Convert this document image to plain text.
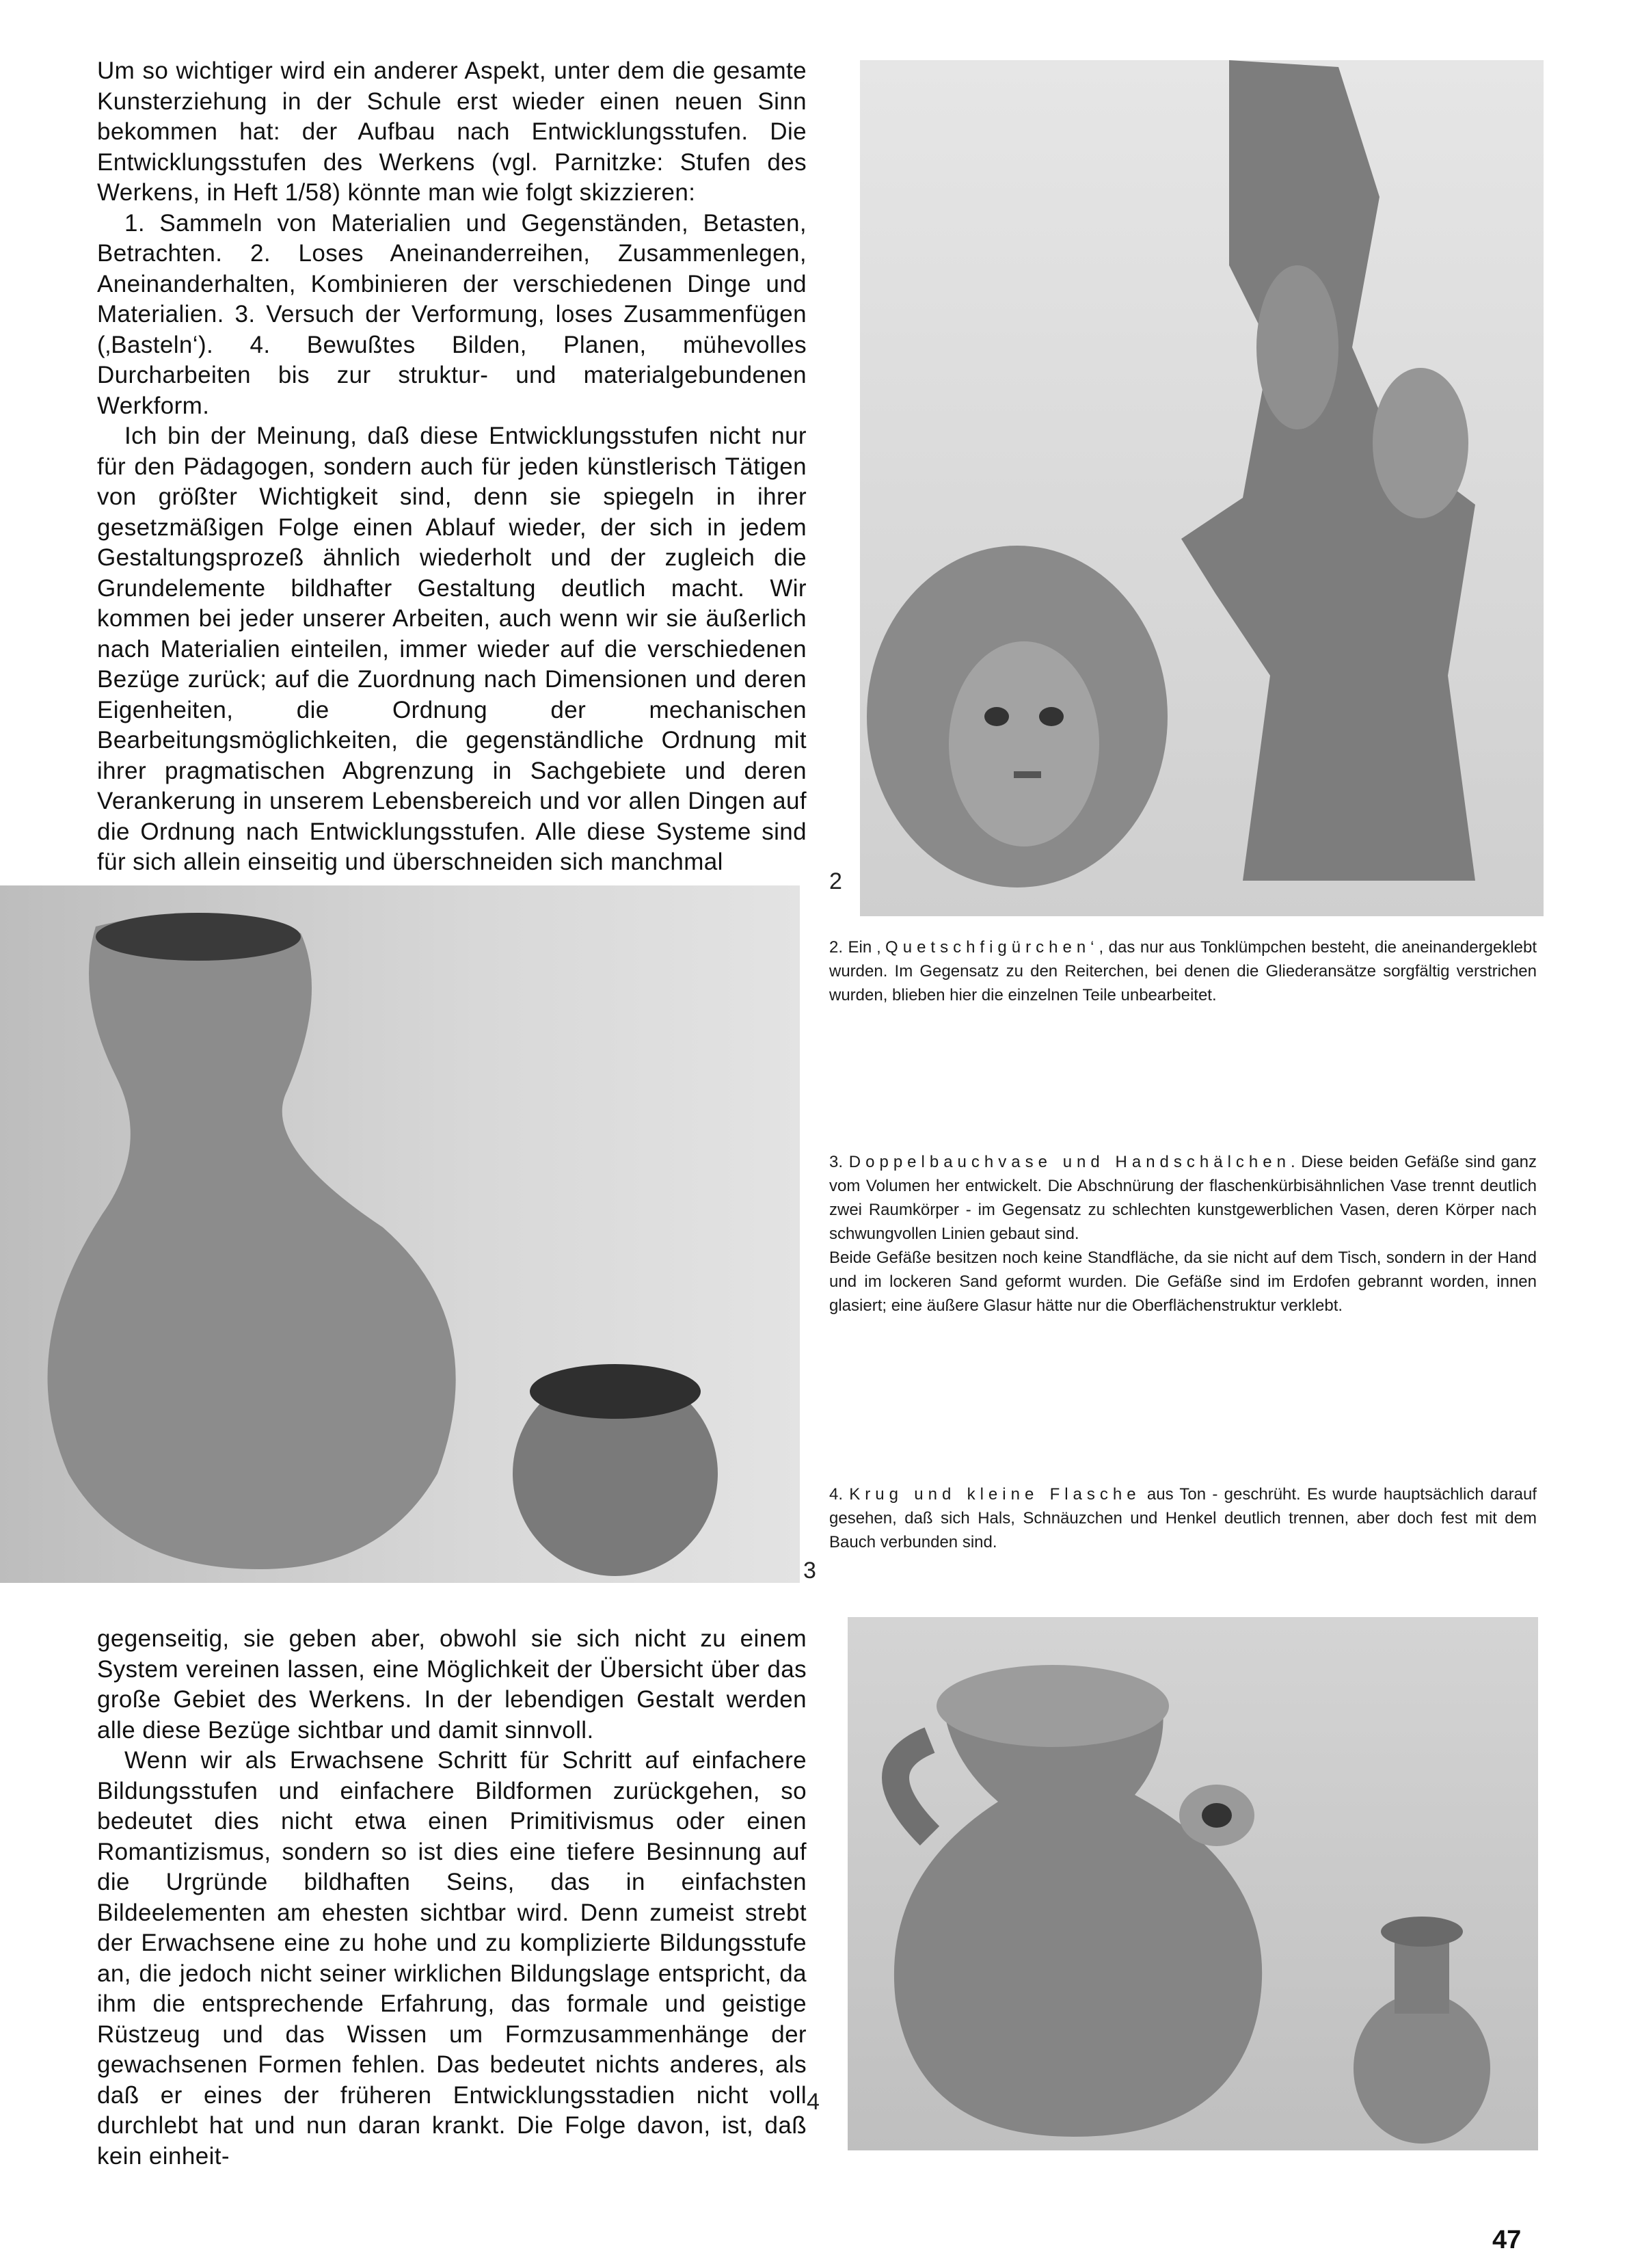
Um so wichtiger wird ein anderer Aspekt, unter dem die gesamte Kunsterziehung in der Schule erst wieder einen neuen Sinn bekommen hat: der Aufbau nach Entwicklungsstufen. Die Entwicklungsstufen des Werkens (vgl. Parnitzke: Stufen des Werkens, in Heft 1/58) könnte man wie folgt skizzieren:

1. Sammeln von Materialien und Gegenständen, Betasten, Betrachten. 2. Loses Aneinanderreihen, Zusammenlegen, Aneinanderhalten, Kombinieren der verschiedenen Dinge und Materialien. 3. Versuch der Verformung, loses Zusammenfügen (‚Basteln‘). 4. Bewußtes Bilden, Planen, mühevolles Durcharbeiten bis zur struktur- und materialgebundenen Werkform.

Ich bin der Meinung, daß diese Entwicklungsstufen nicht nur für den Pädagogen, sondern auch für jeden künstlerisch Tätigen von größter Wichtigkeit sind, denn sie spiegeln in ihrer gesetzmäßigen Folge einen Ablauf wieder, der sich in jedem Gestaltungsprozeß ähnlich wiederholt und der zugleich die Grundelemente bildhafter Gestaltung deutlich macht. Wir kommen bei jeder unserer Arbeiten, auch wenn wir sie äußerlich nach Materialien einteilen, immer wieder auf die verschiedenen Bezüge zurück; auf die Zuordnung nach Dimensionen und deren Eigenheiten, die Ordnung der mechanischen Bearbeitungsmöglichkeiten, die gegenständliche Ordnung mit ihrer pragmatischen Abgrenzung in Sachgebiete und deren Verankerung in unserem Lebensbereich und vor allen Dingen auf die Ordnung nach Entwicklungsstufen. Alle diese Systeme sind für sich allein einseitig und überschneiden sich manchmal

2
3

2. Ein ‚Quetschfigürchen‘, das nur aus Tonklümpchen besteht, die aneinandergeklebt wurden. Im Gegensatz zu den Reiterchen, bei denen die Gliederansätze sorgfältig verstrichen wurden, blieben hier die einzelnen Teile unbearbeitet.

3. Doppelbauchvase und Handschälchen. Diese beiden Gefäße sind ganz vom Volumen her entwickelt. Die Abschnürung der flaschenkürbisähnlichen Vase trennt deutlich zwei Raumkörper - im Gegensatz zu schlechten kunstgewerblichen Vasen, deren Körper nach schwungvollen Linien gebaut sind.

Beide Gefäße besitzen noch keine Standfläche, da sie nicht auf dem Tisch, sondern in der Hand und im lockeren Sand geformt wurden. Die Gefäße sind im Erdofen gebrannt worden, innen glasiert; eine äußere Glasur hätte nur die Oberflächenstruktur verklebt.

4. Krug und kleine Flasche aus Ton - geschrüht. Es wurde hauptsächlich darauf gesehen, daß sich Hals, Schnäuzchen und Henkel deutlich trennen, aber doch fest mit dem Bauch verbunden sind.

gegenseitig, sie geben aber, obwohl sie sich nicht zu einem System vereinen lassen, eine Möglichkeit der Übersicht über das große Gebiet des Werkens. In der lebendigen Gestalt werden alle diese Bezüge sichtbar und damit sinnvoll.

Wenn wir als Erwachsene Schritt für Schritt auf einfachere Bildungsstufen und einfachere Bildformen zurückgehen, so bedeutet dies nicht etwa einen Primitivismus oder einen Romantizismus, sondern so ist dies eine tiefere Besinnung auf die Urgründe bildhaften Seins, das in einfachsten Bildeelementen am ehesten sichtbar wird. Denn zumeist strebt der Erwachsene eine zu hohe und zu komplizierte Bildungsstufe an, die jedoch nicht seiner wirklichen Bildungslage entspricht, da ihm die entsprechende Erfahrung, das formale und geistige Rüstzeug und das Wissen um Formzusammenhänge der gewachsenen Formen fehlen. Das bedeutet nichts anderes, als daß er eines der früheren Entwicklungsstadien nicht voll durchlebt hat und nun daran krankt. Die Folge davon, ist, daß kein einheit-

4
47
